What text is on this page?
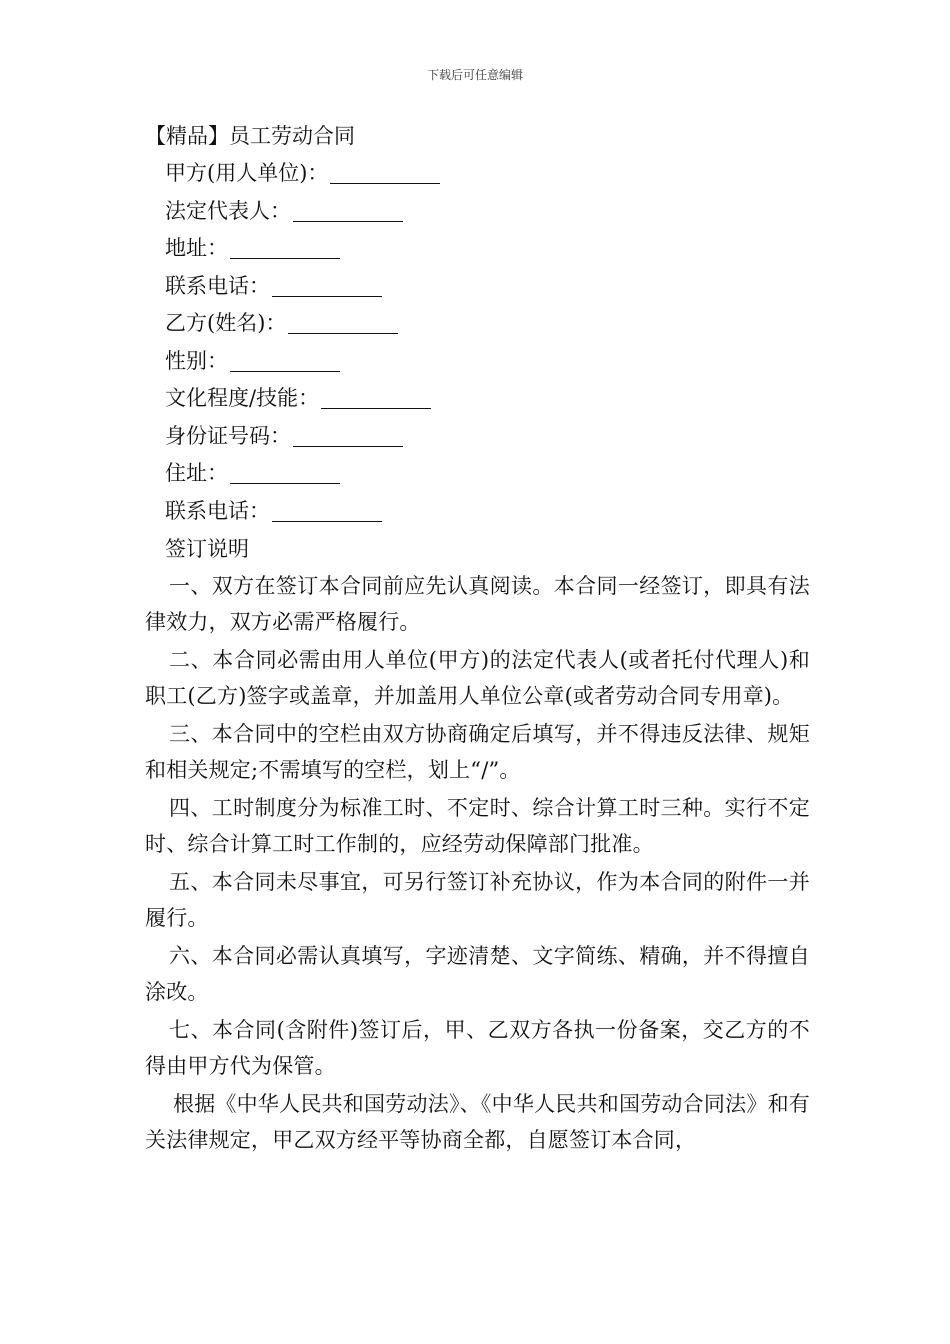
下载后可任意编辑
【精品】员工劳动合同
甲方(用人单位)：
法定代表人：
地址：
联系电话：
乙方(姓名)：
性别：
文化程度/技能：
身份证号码：
住址：
联系电话：
签订说明

一、双方在签订本合同前应先认真阅读。本合同一经签订，即具有法律效力，双方必需严格履行。

二、本合同必需由用人单位(甲方)的法定代表人(或者托付代理人)和职工(乙方)签字或盖章，并加盖用人单位公章(或者劳动合同专用章)。

三、本合同中的空栏由双方协商确定后填写，并不得违反法律、规矩和相关规定;不需填写的空栏，划上“/”。

四、工时制度分为标准工时、不定时、综合计算工时三种。实行不定时、综合计算工时工作制的，应经劳动保障部门批准。

五、本合同未尽事宜，可另行签订补充协议，作为本合同的附件一并履行。

六、本合同必需认真填写，字迹清楚、文字简练、精确，并不得擅自涂改。

七、本合同(含附件)签订后，甲、乙双方各执一份备案，交乙方的不得由甲方代为保管。

根据《中华人民共和国劳动法》、《中华人民共和国劳动合同法》和有关法律规定，甲乙双方经平等协商全都，自愿签订本合同，
